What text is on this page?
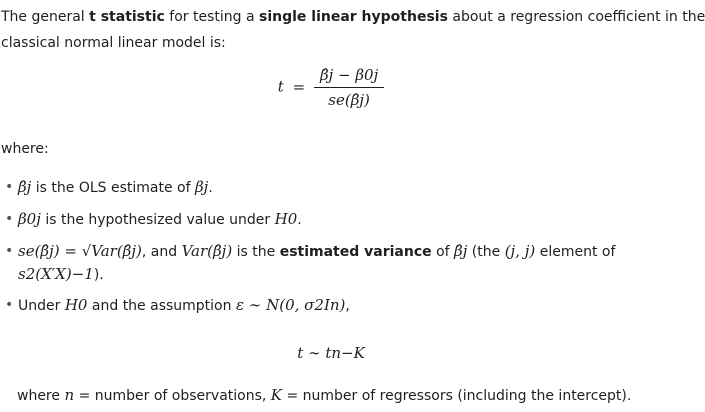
The general t statistic for testing a single linear hypothesis about a regression coefficient in the
classical normal linear model is:

$t = \frac{\betâj - \beta 0j}{se(\betâj)}$

where:

• β̂j is the OLS estimate of βj.
• β0j is the hypothesized value under H0.
• se(β̂j) = √Var(β̂j), and Var(β̂j) is the estimated variance of β̂j (the (j, j) element of
s2(X′X)−1).
• Under H0 and the assumption ε ∼ N(0, σ2In),
t ∼ tn−K

where n = number of observations, K = number of regressors (including the intercept).
